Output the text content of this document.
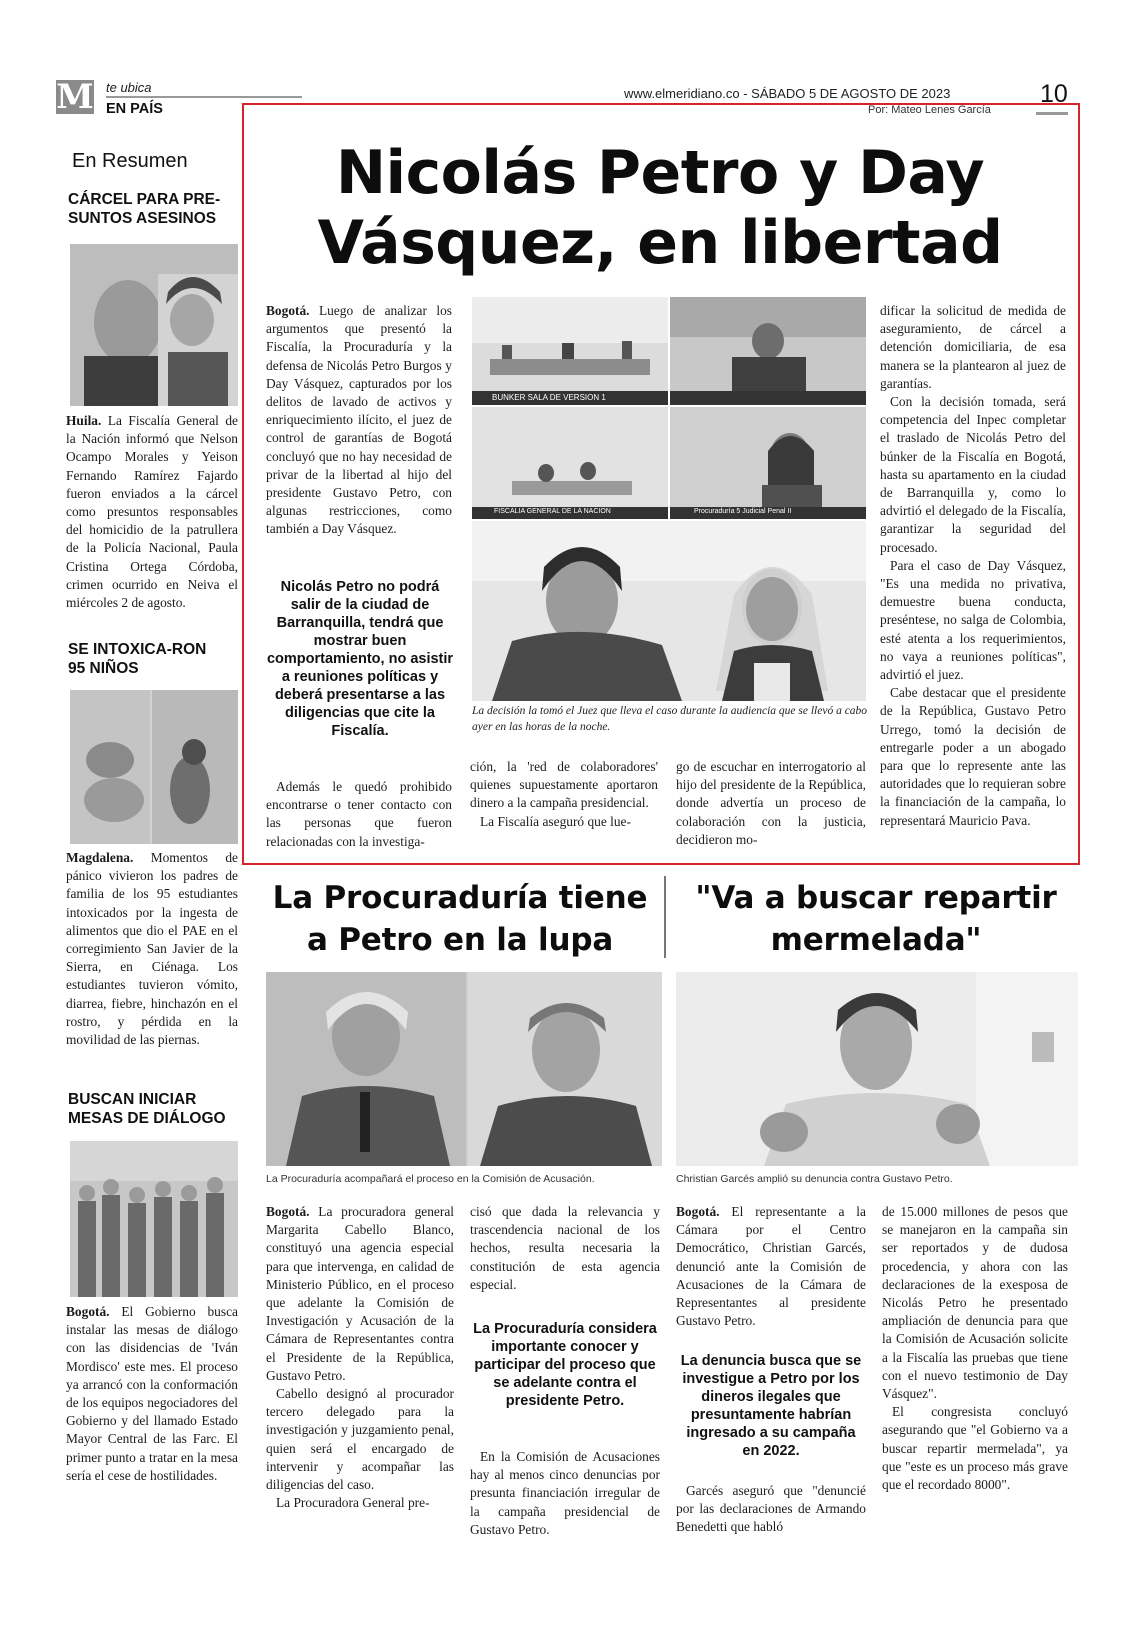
M te ubica
EN PAÍS
www.elmeridiano.co - SÁBADO 5 DE AGOSTO DE 2023	10
Por: Mateo Lenes García
En Resumen
CÁRCEL PARA PRE-SUNTOS ASESINOS
Huila. La Fiscalía General de la Nación informó que Nelson Ocampo Morales y Yeison Fernando Ramírez Fajardo fueron enviados a la cárcel como presuntos responsables del homicidio de la patrullera de la Policía Nacional, Paula Cristina Ortega Córdoba, crimen ocurrido en Neiva el miércoles 2 de agosto.
SE INTOXICA-RON 95 NIÑOS
Magdalena. Momentos de pánico vivieron los padres de familia de los 95 estudiantes intoxicados por la ingesta de alimentos que dio el PAE en el corregimiento San Javier de la Sierra, en Ciénaga. Los estudiantes tuvieron vómito, diarrea, fiebre, hinchazón en el rostro, y pérdida en la movilidad de las piernas.
BUSCAN INICIAR MESAS DE DIÁLOGO
Bogotá. El Gobierno busca instalar las mesas de diálogo con las disidencias de 'Iván Mordisco' este mes. El proceso ya arrancó con la conformación de los equipos negociadores del Gobierno y del llamado Estado Mayor Central de las Farc. El primer punto a tratar en la mesa sería el cese de hostilidades.
Nicolás Petro y Day
Vásquez, en libertad

Bogotá. Luego de analizar los argumentos que presentó la Fiscalía, la Procuraduría y la defensa de Nicolás Petro Burgos y Day Vásquez, capturados por los delitos de lavado de activos y enriquecimiento ilícito, el juez de control de garantías de Bogotá concluyó que no hay necesidad de privar de la libertad al hijo del presidente Gustavo Petro, con algunas restricciones, como también a Day Vásquez.

Nicolás Petro no podrá salir de la ciudad de Barranquilla, tendrá que mostrar buen comportamiento, no asistir a reuniones políticas y deberá presentarse a las diligencias que cite la Fiscalía.

Además le quedó prohibido encontrarse o tener contacto con las personas que fueron relacionadas con la investiga-

BUNKER SALA DE VERSION 1
FISCALIA GENERAL DE LA NACION	Procuraduría 5 Judicial Penal II
La decisión la tomó el Juez que lleva el caso durante la audiencia que se llevó a cabo ayer en las horas de la noche.

ción, la 'red de colaboradores' quienes supuestamente aportaron dinero a la campaña presidencial.

La Fiscalía aseguró que lue-

go de escuchar en interrogatorio al hijo del presidente de la República, donde advertía un proceso de colaboración con la justicia, decidieron mo-

dificar la solicitud de medida de aseguramiento, de cárcel a detención domiciliaria, de esa manera se la plantearon al juez de garantías.

Con la decisión tomada, será competencia del Inpec completar el traslado de Nicolás Petro del búnker de la Fiscalía en Bogotá, hasta su apartamento en la ciudad de Barranquilla y, como lo advirtió el delegado de la Fiscalía, garantizar la seguridad del procesado.

Para el caso de Day Vásquez, "Es una medida no privativa, demuestre buena conducta, preséntese, no salga de Colombia, esté atenta a los requerimientos, no vaya a reuniones políticas", advirtió el juez.

Cabe destacar que el presidente de la República, Gustavo Petro Urrego, tomó la decisión de entregarle poder a un abogado para que lo represente ante las autoridades que lo requieran sobre la financiación de la campaña, lo representará Mauricio Pava.

La Procuraduría tiene
a Petro en la lupa
La Procuraduría acompañará el proceso en la Comisión de Acusación.

Bogotá. La procuradora general Margarita Cabello Blanco, constituyó una agencia especial para que intervenga, en calidad de Ministerio Público, en el proceso que adelante la Comisión de Investigación y Acusación de la Cámara de Representantes contra el Presidente de la República, Gustavo Petro.

Cabello designó al procurador tercero delegado para la investigación y juzgamiento penal, quien será el encargado de intervenir y acompañar las diligencias del caso.

La Procuradora General pre-

cisó que dada la relevancia y trascendencia nacional de los hechos, resulta necesaria la constitución de esta agencia especial.

La Procuraduría considera importante conocer y participar del proceso que se adelante contra el presidente Petro.

En la Comisión de Acusaciones hay al menos cinco denuncias por presunta financiación irregular de la campaña presidencial de Gustavo Petro.

"Va a buscar repartir
mermelada"
Christian Garcés amplió su denuncia contra Gustavo Petro.

Bogotá. El representante a la Cámara por el Centro Democrático, Christian Garcés, denunció ante la Comisión de Acusaciones de la Cámara de Representantes al presidente Gustavo Petro.

La denuncia busca que se investigue a Petro por los dineros ilegales que presuntamente habrían ingresado a su campaña en 2022.

Garcés aseguró que "denuncié por las declaraciones de Armando Benedetti que habló

de 15.000 millones de pesos que se manejaron en la campaña sin ser reportados y de dudosa procedencia, y ahora con las declaraciones de la exesposa de Nicolás Petro he presentado ampliación de denuncia para que la Comisión de Acusación solicite a la Fiscalía las pruebas que tiene con el nuevo testimonio de Day Vásquez".

El congresista concluyó asegurando que "el Gobierno va a buscar repartir mermelada", ya que "este es un proceso más grave que el recordado 8000".
